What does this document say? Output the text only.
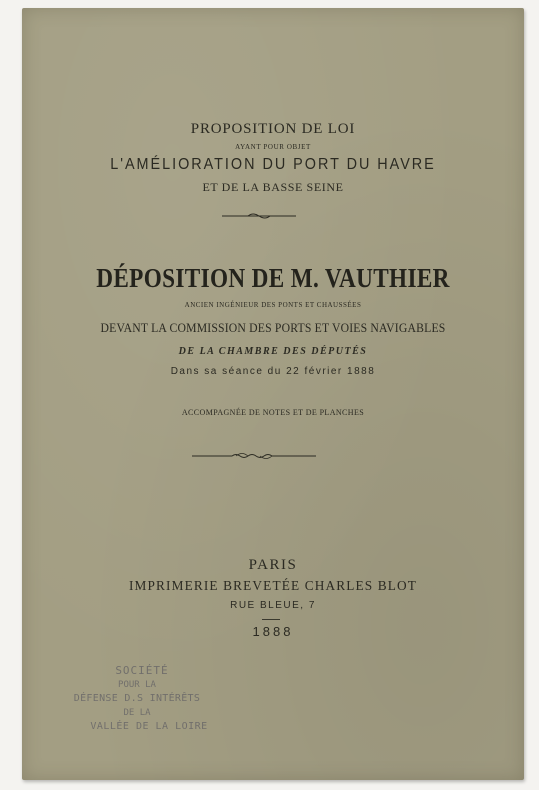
PROPOSITION DE LOI
AYANT POUR OBJET
L'AMÉLIORATION DU PORT DU HAVRE
ET DE LA BASSE SEINE
DÉPOSITION DE M. VAUTHIER
ANCIEN INGÉNIEUR DES PONTS ET CHAUSSÉES
DEVANT LA COMMISSION DES PORTS ET VOIES NAVIGABLES
DE LA CHAMBRE DES DÉPUTÉS
Dans sa séance du 22 février 1888
ACCOMPAGNÉE DE NOTES ET DE PLANCHES
PARIS
IMPRIMERIE BREVETÉE CHARLES BLOT
RUE BLEUE, 7
1888
SOCIÉTÉ
POUR LA
DÉFENSE D.S INTÉRÊTS
DE LA
VALLÉE DE LA LOIRE
